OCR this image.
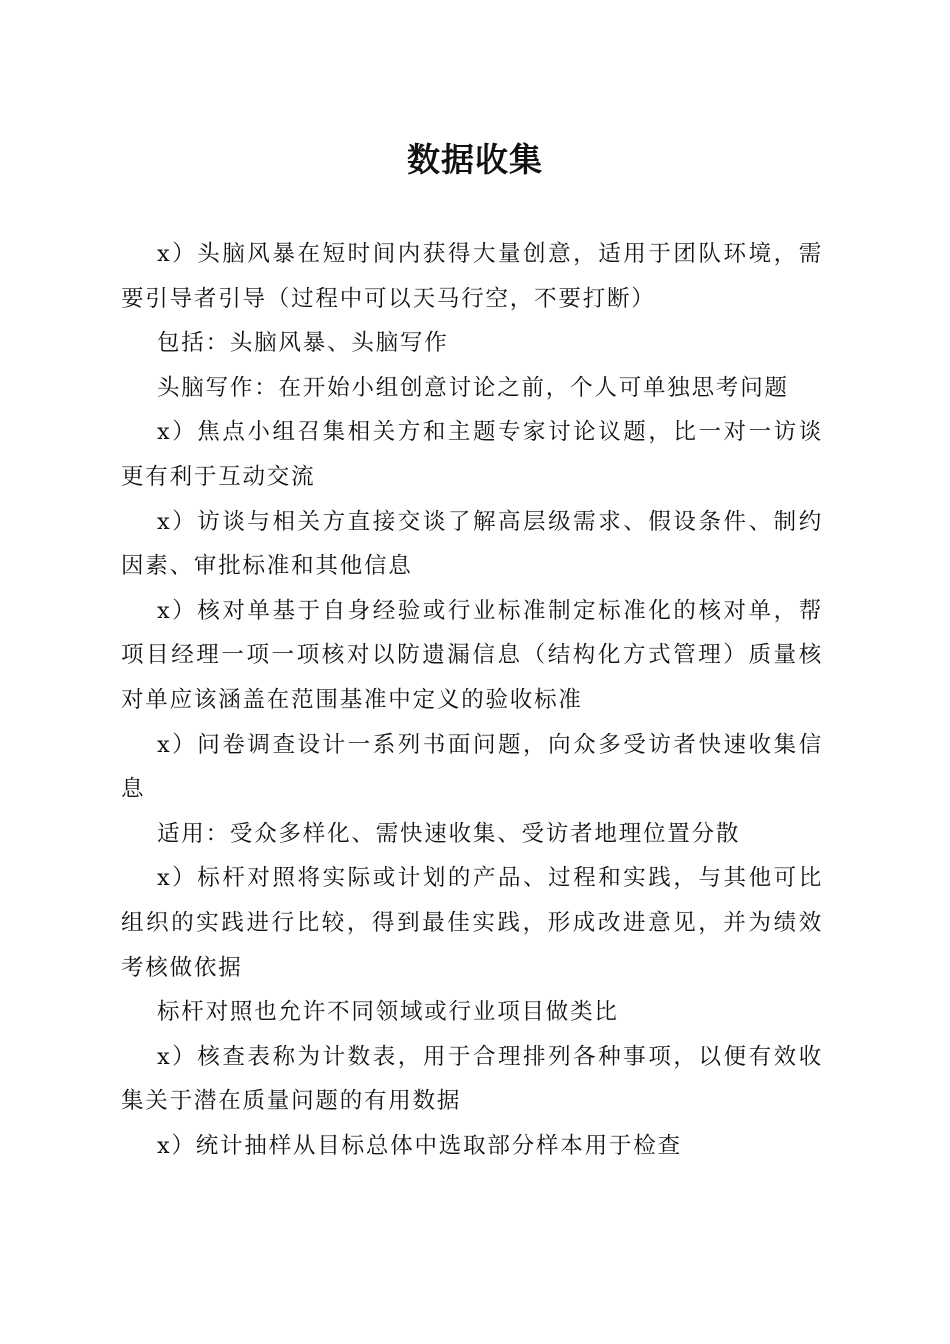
数据收集

x）头脑风暴在短时间内获得大量创意，适用于团队环境，需要引导者引导（过程中可以天马行空，不要打断）

包括：头脑风暴、头脑写作

头脑写作：在开始小组创意讨论之前，个人可单独思考问题

x）焦点小组召集相关方和主题专家讨论议题，比一对一访谈更有利于互动交流

x）访谈与相关方直接交谈了解高层级需求、假设条件、制约因素、审批标准和其他信息

x）核对单基于自身经验或行业标准制定标准化的核对单，帮项目经理一项一项核对以防遗漏信息（结构化方式管理）质量核对单应该涵盖在范围基准中定义的验收标准

x）问卷调查设计一系列书面问题，向众多受访者快速收集信息

适用：受众多样化、需快速收集、受访者地理位置分散

x）标杆对照将实际或计划的产品、过程和实践，与其他可比组织的实践进行比较，得到最佳实践，形成改进意见，并为绩效考核做依据

标杆对照也允许不同领域或行业项目做类比

x）核查表称为计数表，用于合理排列各种事项，以便有效收集关于潜在质量问题的有用数据

x）统计抽样从目标总体中选取部分样本用于检查
